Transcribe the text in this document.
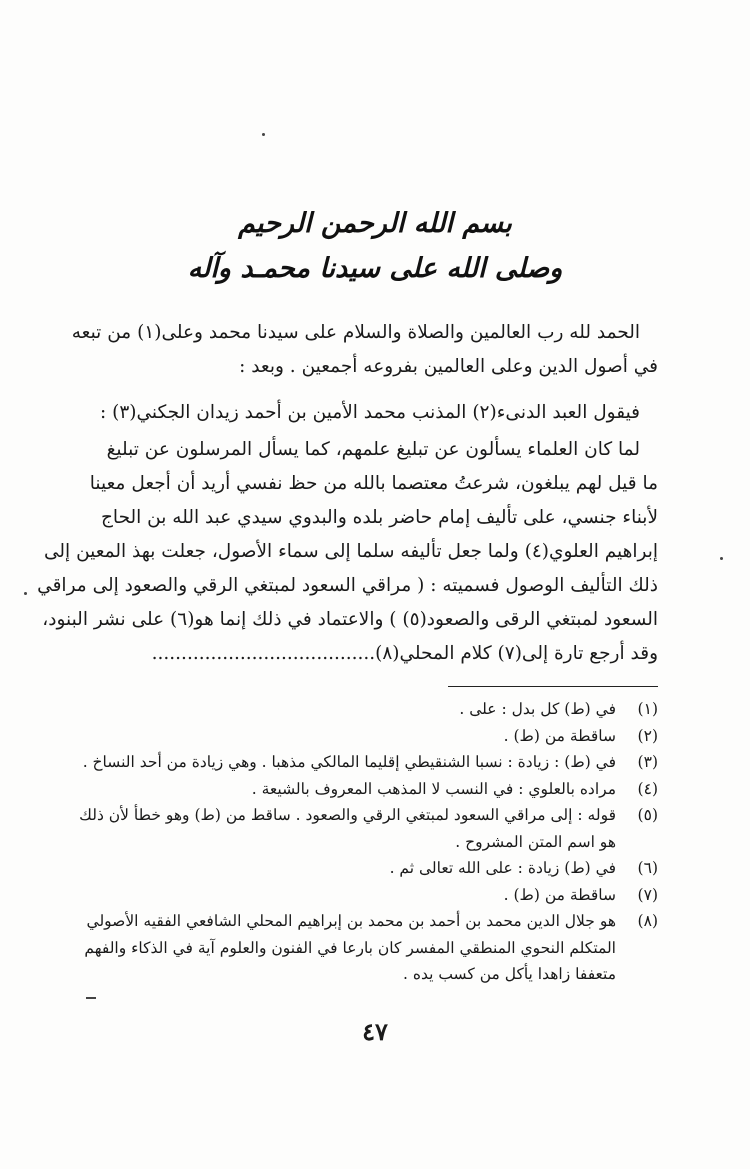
بسم الله الرحمن الرحيم
وصلى الله على سيدنا محمـد وآله
الحمد لله رب العالمين والصلاة والسلام على سيدنا محمد وعلى(١) من تبعه
في أصول الدين وعلى العالمين بفروعه أجمعين . وبعد :
فيقول العبد الدنىء(٢) المذنب محمد الأمين بن أحمد زيدان الجكني(٣) :
لما كان العلماء يسألون عن تبليغ علمهم، كما يسأل المرسلون عن تبليغ
ما قيل لهم يبلغون، شرعتُ معتصما بالله من حظ نفسي أريد أن أجعل معينا
لأبناء جنسي، على تأليف إمام حاضر بلده والبدوي سيدي عبد الله بن الحاج
إبراهيم العلوي(٤) ولما جعل تأليفه سلما إلى سماء الأصول، جعلت بهذ المعين إلى
ذلك التأليف الوصول فسميته : ( مراقي السعود لمبتغي الرقي والصعود إلى مراقي
السعود لمبتغي الرقى والصعود(٥) ) والاعتماد في ذلك إنما هو(٦) على نشر البنود،
وقد أرجع تارة إلى(٧) كلام المحلي(٨)......................................
(١)
في (ط) كل بدل : على .
(٢)
ساقطة من (ط) .
(٣)
في (ط) : زيادة : نسبا الشنقيطي إقليما المالكي مذهبا . وهي زيادة من أحد النساخ .
(٤)
مراده بالعلوي : في النسب لا المذهب المعروف بالشيعة .
(٥)
قوله : إلى مراقي السعود لمبتغي الرقي والصعود . ساقط من (ط) وهو خطأ لأن ذلك
هو اسم المتن المشروح .
(٦)
في (ط) زيادة : على الله تعالى ثم .
(٧)
ساقطة من (ط) .
(٨)
هو جلال الدين محمد بن أحمد بن محمد بن إبراهيم المحلي الشافعي الفقيه الأصولي
المتكلم النحوي المنطقي المفسر كان بارعا في الفنون والعلوم آية في الذكاء والفهم
متعففا زاهدا يأكل من كسب يده .
٤٧
